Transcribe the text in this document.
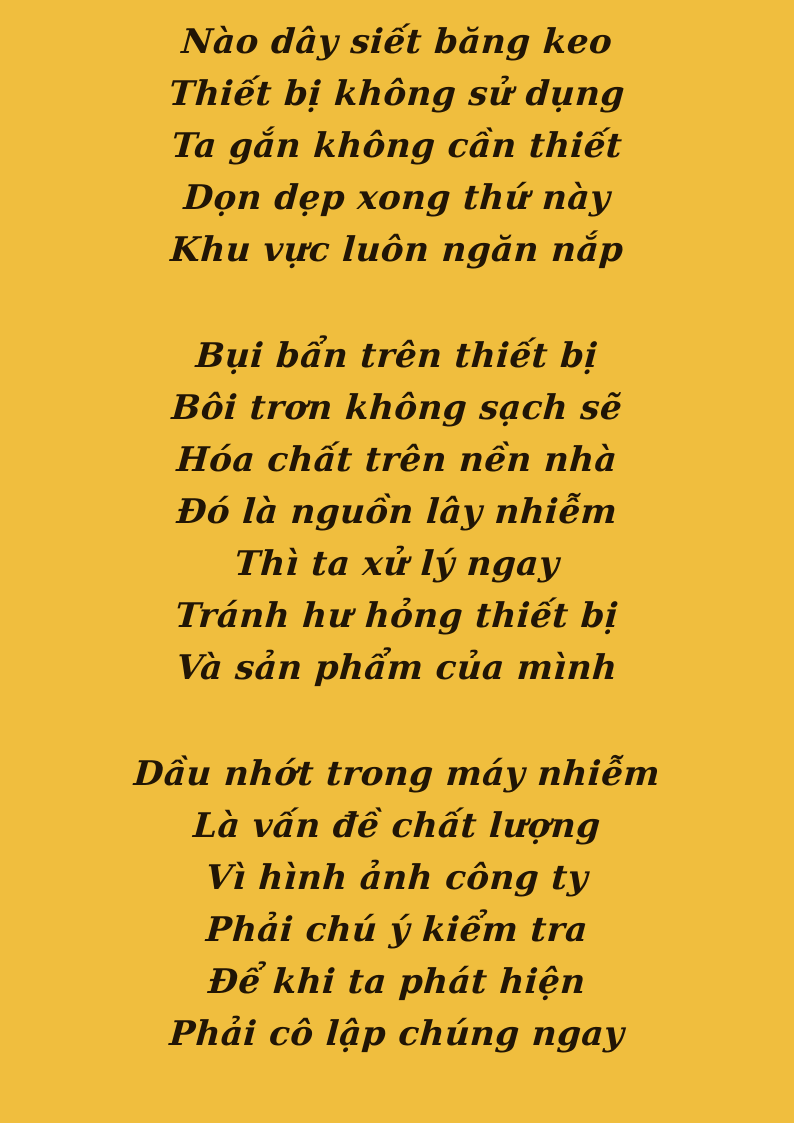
Nào dây siết băng keo

Thiết bị không sử dụng

Ta gắn không cần thiết

Dọn dẹp xong thứ này

Khu vực luôn ngăn nắp

Bụi bẩn trên thiết bị

Bôi trơn không sạch sẽ

Hóa chất trên nền nhà

Đó là nguồn lây nhiễm

Thì ta xử lý ngay

Tránh hư hỏng thiết bị

Và sản phẩm của mình

Dầu nhớt trong máy nhiễm

Là vấn đề chất lượng

Vì hình ảnh công ty

Phải chú ý kiểm tra

Để khi ta phát hiện

Phải cô lập chúng ngay
